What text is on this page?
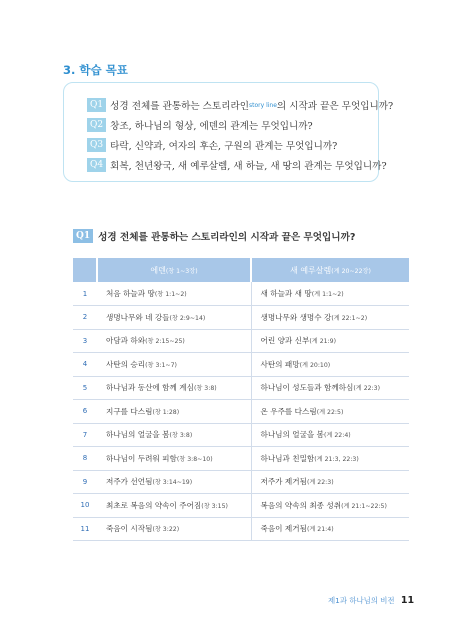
3. 학습 목표
Q1 성경 전체를 관통하는 스토리라인 story line 의 시작과 끝은 무엇입니까?
Q2 창조, 하나님의 형상, 에덴의 관계는 무엇입니까?
Q3 타락, 신약과, 여자의 후손, 구원의 관계는 무엇입니까?
Q4 회복, 천년왕국, 새 예루살렘, 새 하늘, 새 땅의 관계는 무엇입니까?
Q1 성경 전체를 관통하는 스토리라인의 시작과 끝은 무엇입니까?
	에덴(창 1~3장)	새 예루살렘(계 20~22장)
1	처음 하늘과 땅(창 1:1~2)	새 하늘과 새 땅(계 1:1~2)
2	생명나무와 네 강들(창 2:9~14)	생명나무와 생명수 강(계 22:1~2)
3	아담과 하와(창 2:15~25)	어린 양과 신부(계 21:9)
4	사탄의 승리(창 3:1~7)	사탄의 패망(계 20:10)
5	하나님과 동산에 함께 계심(창 3:8)	하나님이 성도들과 함께하심(계 22:3)
6	지구를 다스림(창 1:28)	온 우주를 다스림(계 22:5)
7	하나님의 얼굴을 봄(창 3:8)	하나님의 얼굴을 봄(계 22:4)
8	하나님이 두려워 피함(창 3:8~10)	하나님과 친밀함(계 21:3, 22:3)
9	저주가 선언됨(창 3:14~19)	저주가 제거됨(계 22:3)
10	최초로 복음의 약속이 주어짐(창 3:15)	복음의 약속의 최종 성취(계 21:1~22:5)
11	죽음이 시작됨(창 3:22)	죽음이 제거됨(계 21:4)
제1과 하나님의 비전 11
